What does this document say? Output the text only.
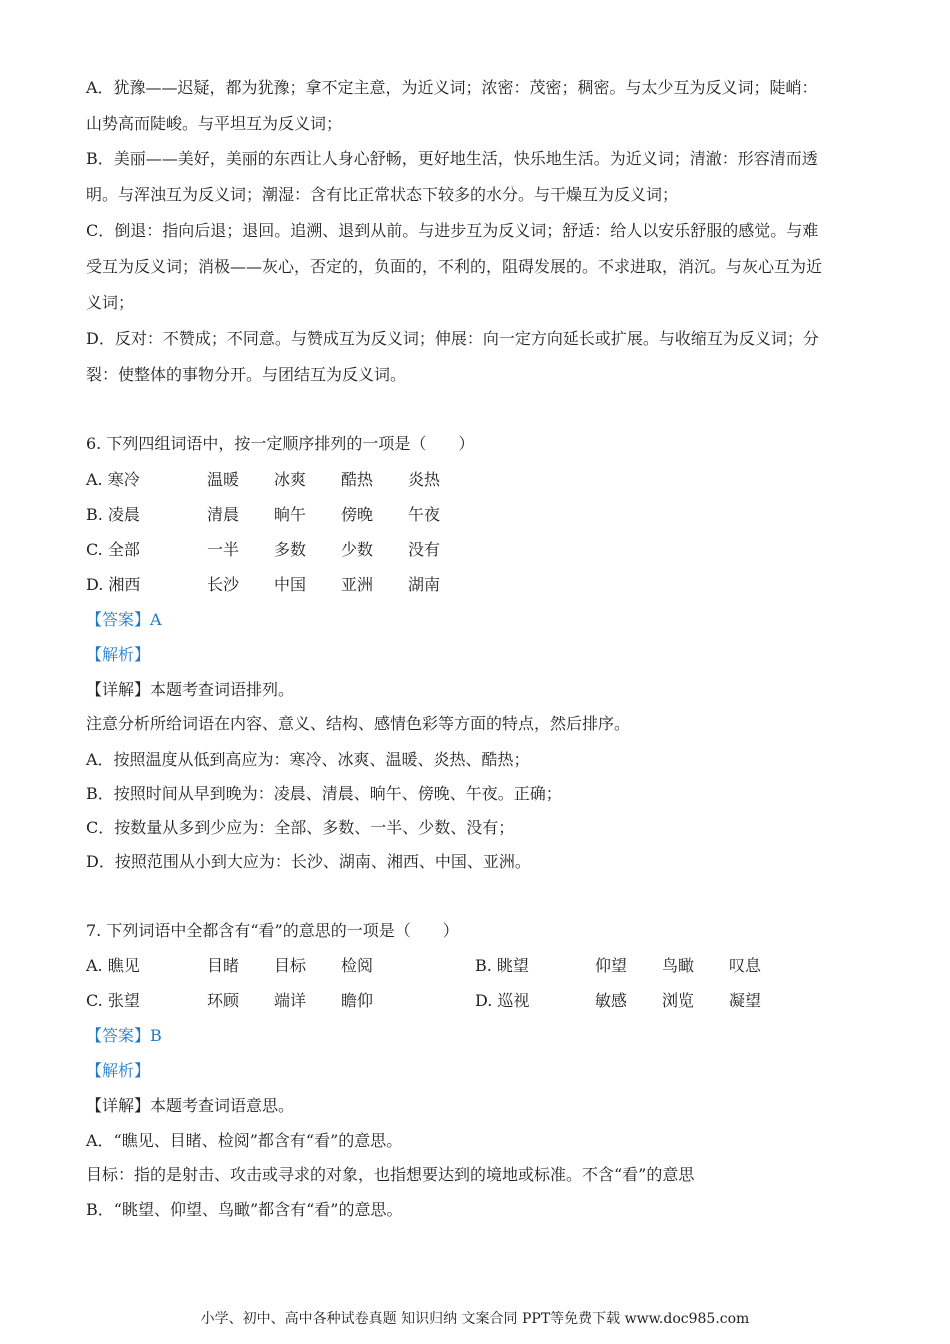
A．犹豫——迟疑，都为犹豫；拿不定主意，为近义词；浓密：茂密；稠密。与太少互为反义词；陡峭：
山势高而陡峻。与平坦互为反义词；
B．美丽——美好，美丽的东西让人身心舒畅，更好地生活，快乐地生活。为近义词；清澈：形容清而透
明。与浑浊互为反义词；潮湿：含有比正常状态下较多的水分。与干燥互为反义词；
C．倒退：指向后退；退回。追溯、退到从前。与进步互为反义词；舒适：给人以安乐舒服的感觉。与难
受互为反义词；消极——灰心，否定的，负面的，不利的，阻碍发展的。不求进取，消沉。与灰心互为近
义词；
D．反对：不赞成；不同意。与赞成互为反义词；伸展：向一定方向延长或扩展。与收缩互为反义词；分
裂：使整体的事物分开。与团结互为反义词。
6. 下列四组词语中，按一定顺序排列的一项是（　　）
A. 寒冷	温暖 冰爽 酷热 炎热
B. 凌晨	清晨 晌午 傍晚 午夜
C. 全部	一半 多数 少数 没有
D. 湘西	长沙 中国 亚洲 湖南
【答案】A
【解析】
【详解】本题考查词语排列。
注意分析所给词语在内容、意义、结构、感情色彩等方面的特点，然后排序。
A．按照温度从低到高应为：寒冷、冰爽、温暖、炎热、酷热；
B．按照时间从早到晚为：凌晨、清晨、晌午、傍晚、午夜。正确；
C．按数量从多到少应为：全部、多数、一半、少数、没有；
D．按照范围从小到大应为：长沙、湖南、湘西、中国、亚洲。
7. 下列词语中全都含有“看”的意思的一项是（　　）
A. 瞧见	目睹 目标 检阅	B. 眺望	仰望 鸟瞰 叹息
C. 张望	环顾 端详 瞻仰	D. 巡视	敏感 浏览 凝望
【答案】B
【解析】
【详解】本题考查词语意思。
A．“瞧见、目睹、检阅”都含有“看”的意思。
目标：指的是射击、攻击或寻求的对象，也指想要达到的境地或标准。不含“看”的意思
B．“眺望、仰望、鸟瞰”都含有“看”的意思。
小学、初中、高中各种试卷真题 知识归纳 文案合同 PPT等免费下载 www.doc985.com
